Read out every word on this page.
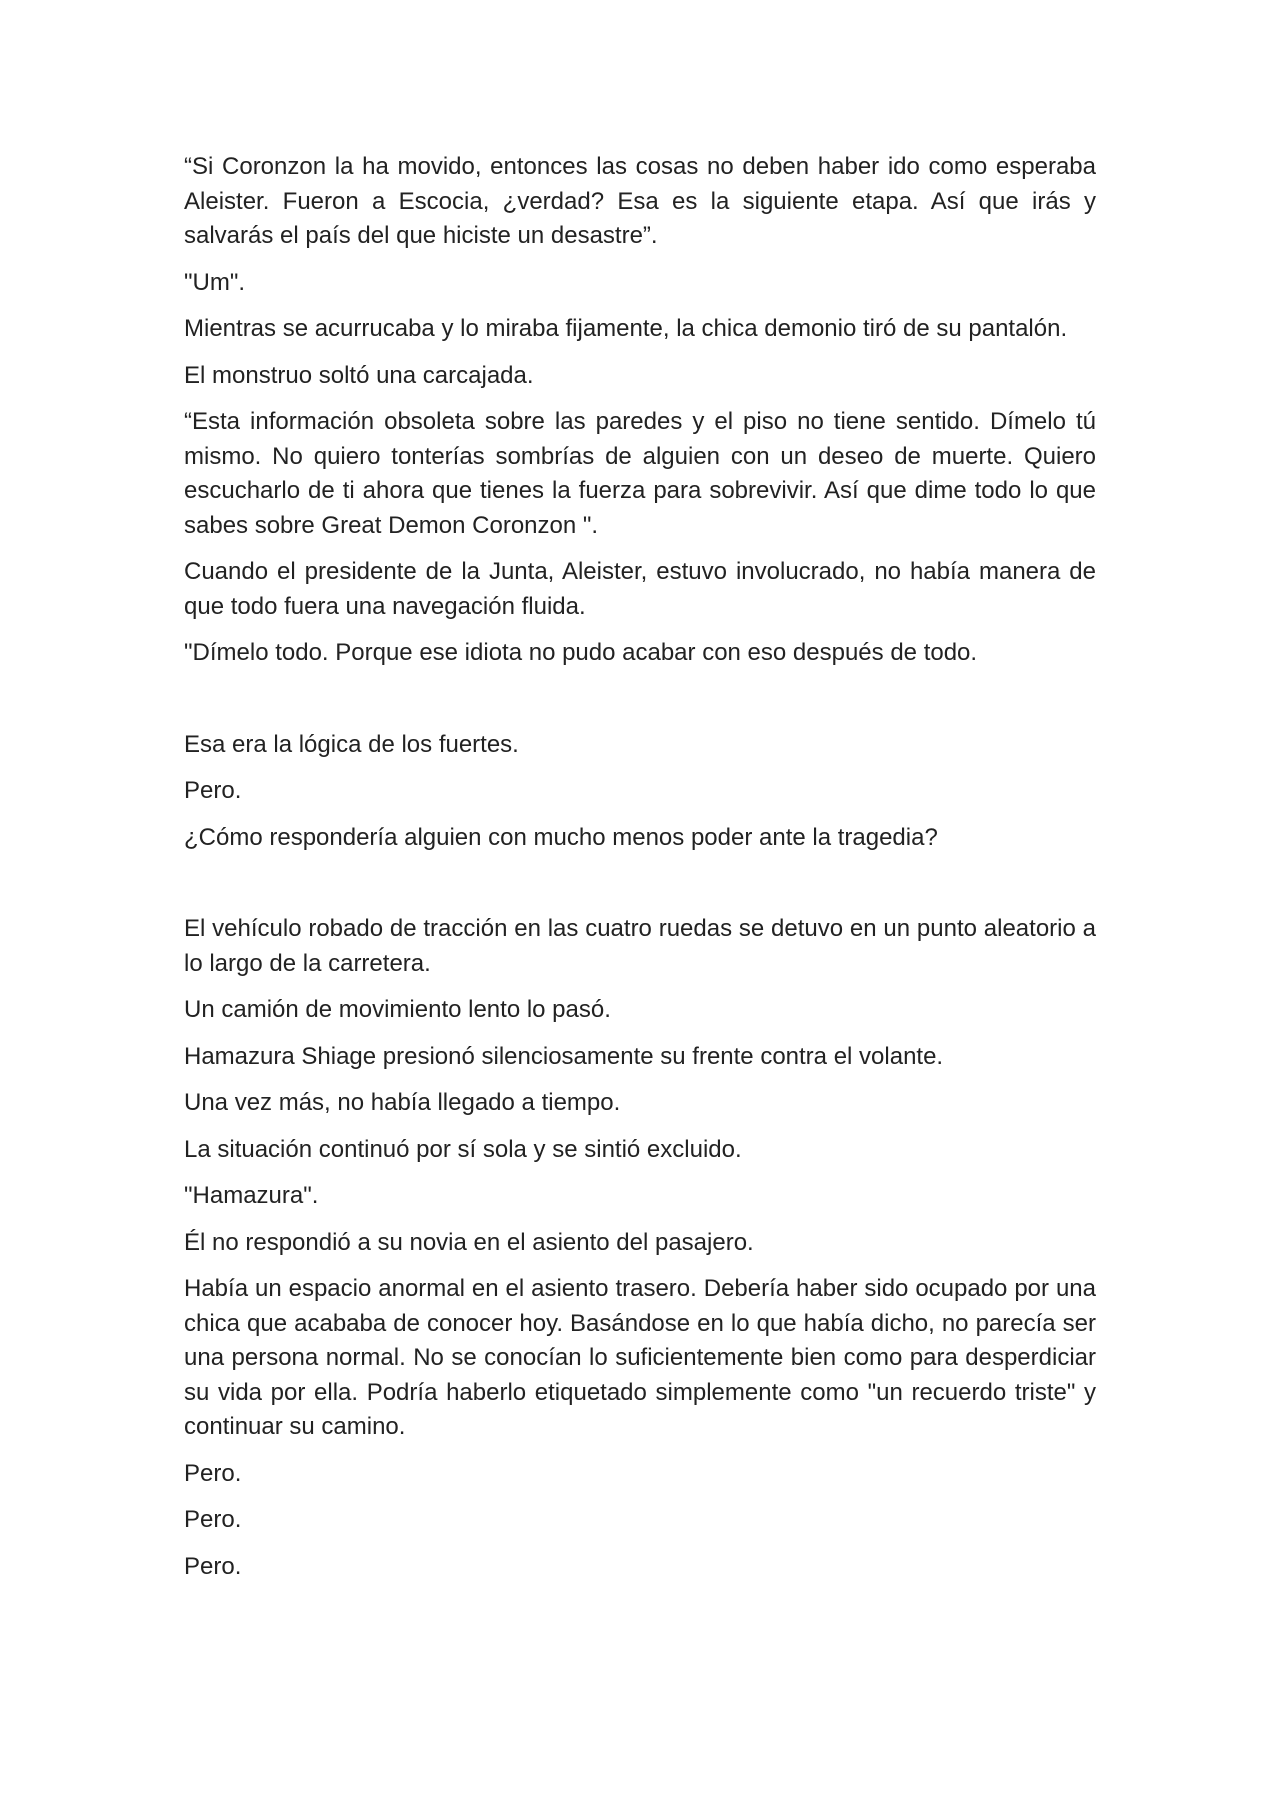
“Si Coronzon la ha movido, entonces las cosas no deben haber ido como esperaba Aleister. Fueron a Escocia, ¿verdad? Esa es la siguiente etapa. Así que irás y salvarás el país del que hiciste un desastre”.

"Um".

Mientras se acurrucaba y lo miraba fijamente, la chica demonio tiró de su pantalón.

El monstruo soltó una carcajada.

“Esta información obsoleta sobre las paredes y el piso no tiene sentido. Dímelo tú mismo. No quiero tonterías sombrías de alguien con un deseo de muerte. Quiero escucharlo de ti ahora que tienes la fuerza para sobrevivir. Así que dime todo lo que sabes sobre Great Demon Coronzon ".

Cuando el presidente de la Junta, Aleister, estuvo involucrado, no había manera de que todo fuera una navegación fluida.

"Dímelo todo. Porque ese idiota no pudo acabar con eso después de todo.

Esa era la lógica de los fuertes.

Pero.

¿Cómo respondería alguien con mucho menos poder ante la tragedia?

El vehículo robado de tracción en las cuatro ruedas se detuvo en un punto aleatorio a lo largo de la carretera.

Un camión de movimiento lento lo pasó.

Hamazura Shiage presionó silenciosamente su frente contra el volante.

Una vez más, no había llegado a tiempo.

La situación continuó por sí sola y se sintió excluido.

"Hamazura".

Él no respondió a su novia en el asiento del pasajero.

Había un espacio anormal en el asiento trasero. Debería haber sido ocupado por una chica que acababa de conocer hoy. Basándose en lo que había dicho, no parecía ser una persona normal. No se conocían lo suficientemente bien como para desperdiciar su vida por ella. Podría haberlo etiquetado simplemente como "un recuerdo triste" y continuar su camino.

Pero.

Pero.

Pero.
